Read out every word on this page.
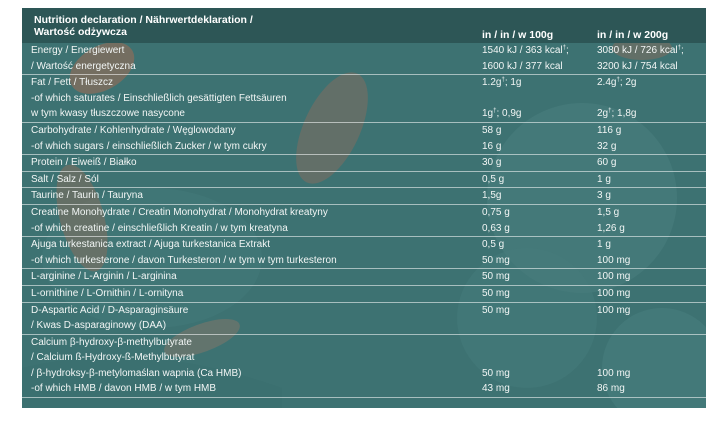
Nutrition declaration / Nährwertdeklaration /
Wartość odżywcza	in / in / w 100g	in / in / w 200g
Energy / Energiewert	1540 kJ / 363 kcal†;	3080 kJ / 726 kcal†;
/ Wartość energetyczna	1600 kJ / 377 kcal	3200 kJ / 754 kcal
Fat / Fett / Tłuszcz	1.2g†; 1g	2.4g†; 2g
-of which saturates / Einschließlich gesättigten Fettsäuren
w tym kwasy tłuszczowe nasycone	1g†; 0,9g	2g†; 1,8g
Carbohydrate / Kohlenhydrate / Węglowodany	58 g	116 g
-of which sugars / einschließlich Zucker / w tym cukry	16 g	32 g
Protein / Eiweiß / Białko	30 g	60 g
Salt / Salz / Sól	0,5 g	1 g
Taurine / Taurin / Tauryna	1,5g	3 g
Creatine Monohydrate / Creatin Monohydrat / Monohydrat kreatyny	0,75 g	1,5 g
-of which creatine / einschließlich Kreatin / w tym kreatyna	0,63 g	1,26 g
Ajuga turkestanica extract / Ajuga turkestanica Extrakt	0,5 g	1 g
-of which turkesterone / davon Turkesteron / w tym w tym turkesteron	50 mg	100 mg
L-arginine / L-Arginin / L-arginina	50 mg	100 mg
L-ornithine / L-Ornithin / L-ornityna	50 mg	100 mg
D-Aspartic Acid / D-Asparaginsäure	50 mg	100 mg
/ Kwas D-asparaginowy (DAA)
Calcium β-hydroxy-β-methylbutyrate
/ Calcium ß-Hydroxy-ß-Methylbutyrat
/ β-hydroksy-β-metylomaślan wapnia (Ca HMB)	50 mg	100 mg
-of which HMB / davon HMB / w tym HMB	43 mg	86 mg
